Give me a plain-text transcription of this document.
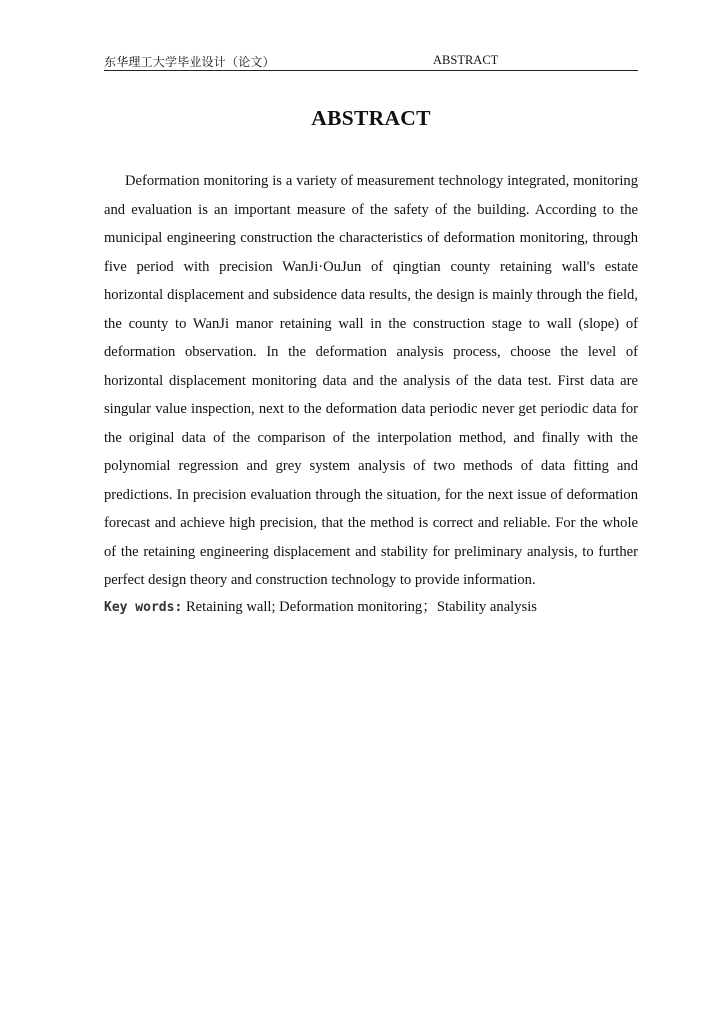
东华理工大学毕业设计（论文）	ABSTRACT
ABSTRACT

Deformation monitoring is a variety of measurement technology integrated, monitoring and evaluation is an important measure of the safety of the building. According to the municipal engineering construction the characteristics of deformation monitoring, through five period with precision WanJi·OuJun of qingtian county retaining wall's estate horizontal displacement and subsidence data results, the design is mainly through the field, the county to WanJi manor retaining wall in the construction stage to wall (slope) of deformation observation. In the deformation analysis process, choose the level of horizontal displacement monitoring data and the analysis of the data test. First data are singular value inspection, next to the deformation data periodic never get periodic data for the original data of the comparison of the interpolation method, and finally with the polynomial regression and grey system analysis of two methods of data fitting and predictions. In precision evaluation through the situation, for the next issue of deformation forecast and achieve high precision, that the method is correct and reliable. For the whole of the retaining engineering displacement and stability for preliminary analysis, to further perfect design theory and construction technology to provide information.

Key words: Retaining wall; Deformation monitoring；Stability analysis
